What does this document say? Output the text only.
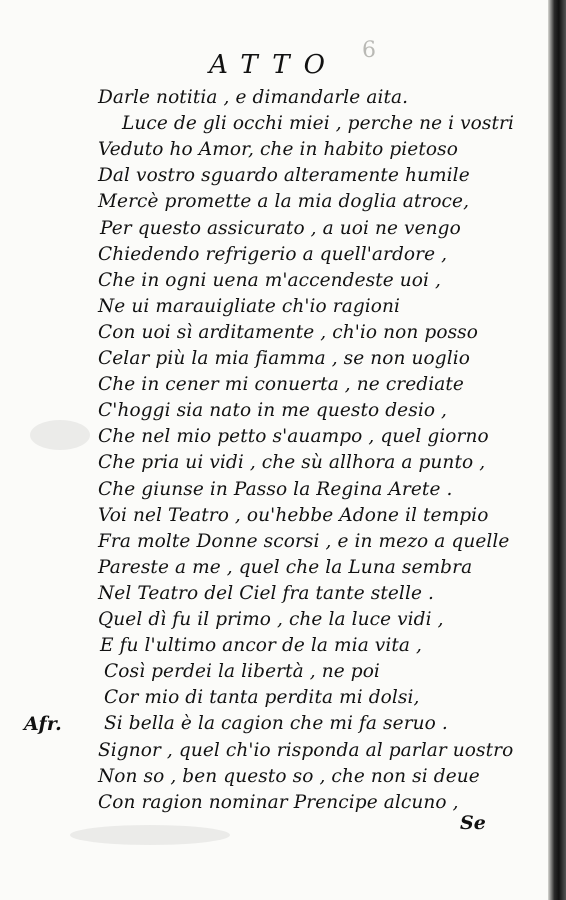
ATTO	6
Darle notitia , e dimandarle aita.
Luce de gli occhi miei , perche ne i vostri
Veduto ho Amor, che in habito pietoso
Dal vostro sguardo alteramente humile
Mercè promette a la mia doglia atroce,
Per questo assicurato , a uoi ne vengo
Chiedendo refrigerio a quell'ardore ,
Che in ogni uena m'accendeste uoi ,
Ne ui marauigliate ch'io ragioni
Con uoi sì arditamente , ch'io non posso
Celar più la mia fiamma , se non uoglio
Che in cener mi conuerta , ne crediate
C'hoggi sia nato in me questo desio ,
Che nel mio petto s'auampo , quel giorno
Che pria ui vidi , che sù allhora a punto ,
Che giunse in Passo la Regina Arete .
Voi nel Teatro , ou'hebbe Adone il tempio
Fra molte Donne scorsi , e in mezo a quelle
Pareste a me , quel che la Luna sembra
Nel Teatro del Ciel fra tante stelle .
Quel dì fu il primo , che la luce vidi ,
E fu l'ultimo ancor de la mia vita ,
Così perdei la libertà , ne poi
Cor mio di tanta perdita mi dolsi,
Si bella è la cagion che mi fa seruo .
Afr.
Signor , quel ch'io risponda al parlar uostro
Non so , ben questo so , che non si deue
Con ragion nominar Prencipe alcuno ,
Se
